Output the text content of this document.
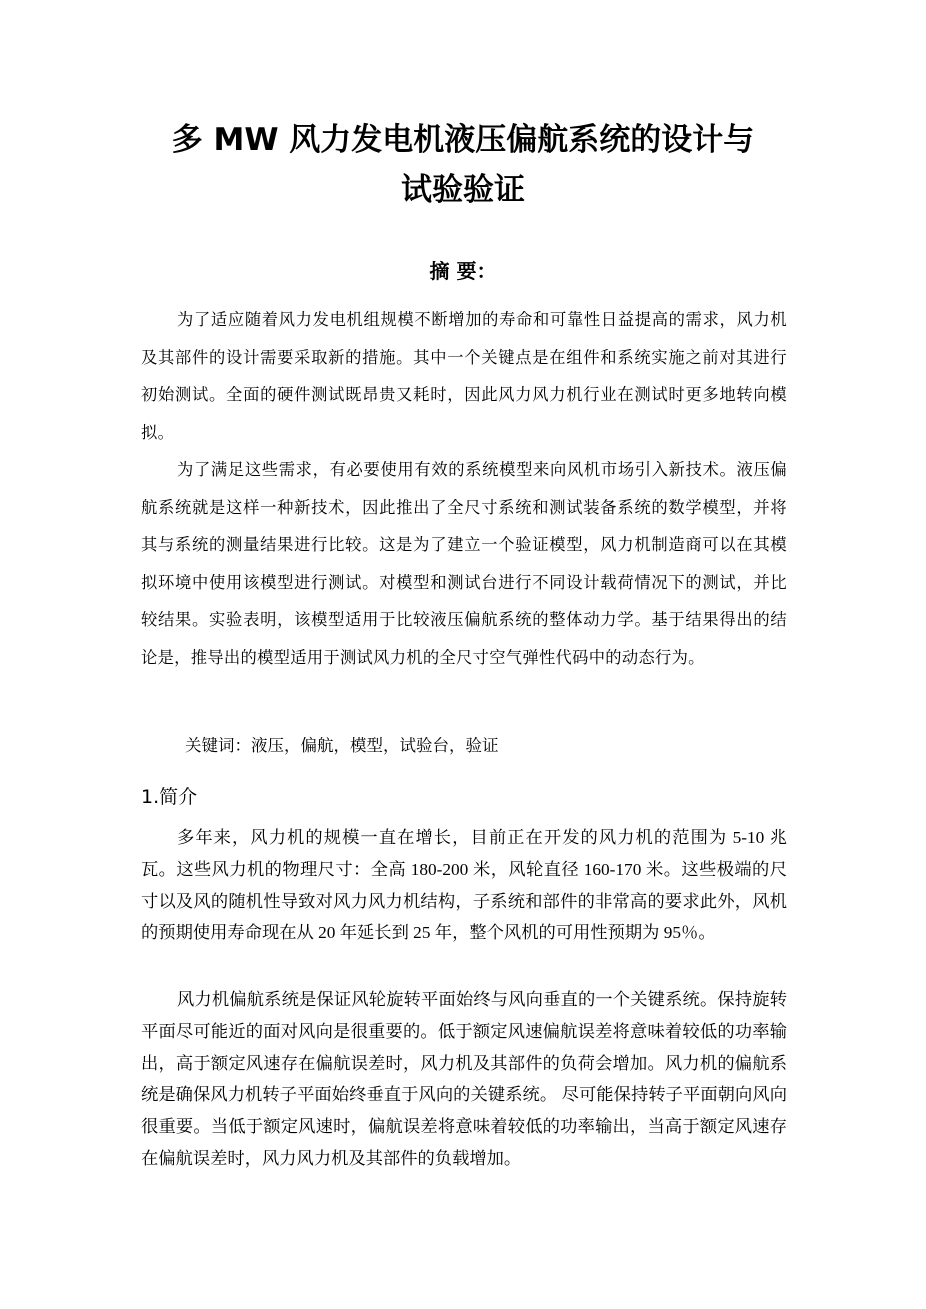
多 MW 风力发电机液压偏航系统的设计与
试验验证
摘 要：

为了适应随着风力发电机组规模不断增加的寿命和可靠性日益提高的需求，风力机及其部件的设计需要采取新的措施。其中一个关键点是在组件和系统实施之前对其进行初始测试。全面的硬件测试既昂贵又耗时，因此风力风力机行业在测试时更多地转向模拟。

为了满足这些需求，有必要使用有效的系统模型来向风机市场引入新技术。液压偏航系统就是这样一种新技术，因此推出了全尺寸系统和测试装备系统的数学模型，并将其与系统的测量结果进行比较。这是为了建立一个验证模型，风力机制造商可以在其模拟环境中使用该模型进行测试。对模型和测试台进行不同设计载荷情况下的测试，并比较结果。实验表明，该模型适用于比较液压偏航系统的整体动力学。基于结果得出的结论是，推导出的模型适用于测试风力机的全尺寸空气弹性代码中的动态行为。

关键词：液压，偏航，模型，试验台，验证

1.简介

多年来，风力机的规模一直在增长，目前正在开发的风力机的范围为 5-10 兆瓦。这些风力机的物理尺寸：全高 180-200 米，风轮直径 160-170 米。这些极端的尺寸以及风的随机性导致对风力风力机结构，子系统和部件的非常高的要求此外，风机的预期使用寿命现在从 20 年延长到 25 年，整个风机的可用性预期为 95％。

风力机偏航系统是保证风轮旋转平面始终与风向垂直的一个关键系统。保持旋转平面尽可能近的面对风向是很重要的。低于额定风速偏航误差将意味着较低的功率输出，高于额定风速存在偏航误差时，风力机及其部件的负荷会增加。风力机的偏航系统是确保风力机转子平面始终垂直于风向的关键系统。 尽可能保持转子平面朝向风向很重要。当低于额定风速时，偏航误差将意味着较低的功率输出，当高于额定风速存在偏航误差时，风力风力机及其部件的负载增加。
